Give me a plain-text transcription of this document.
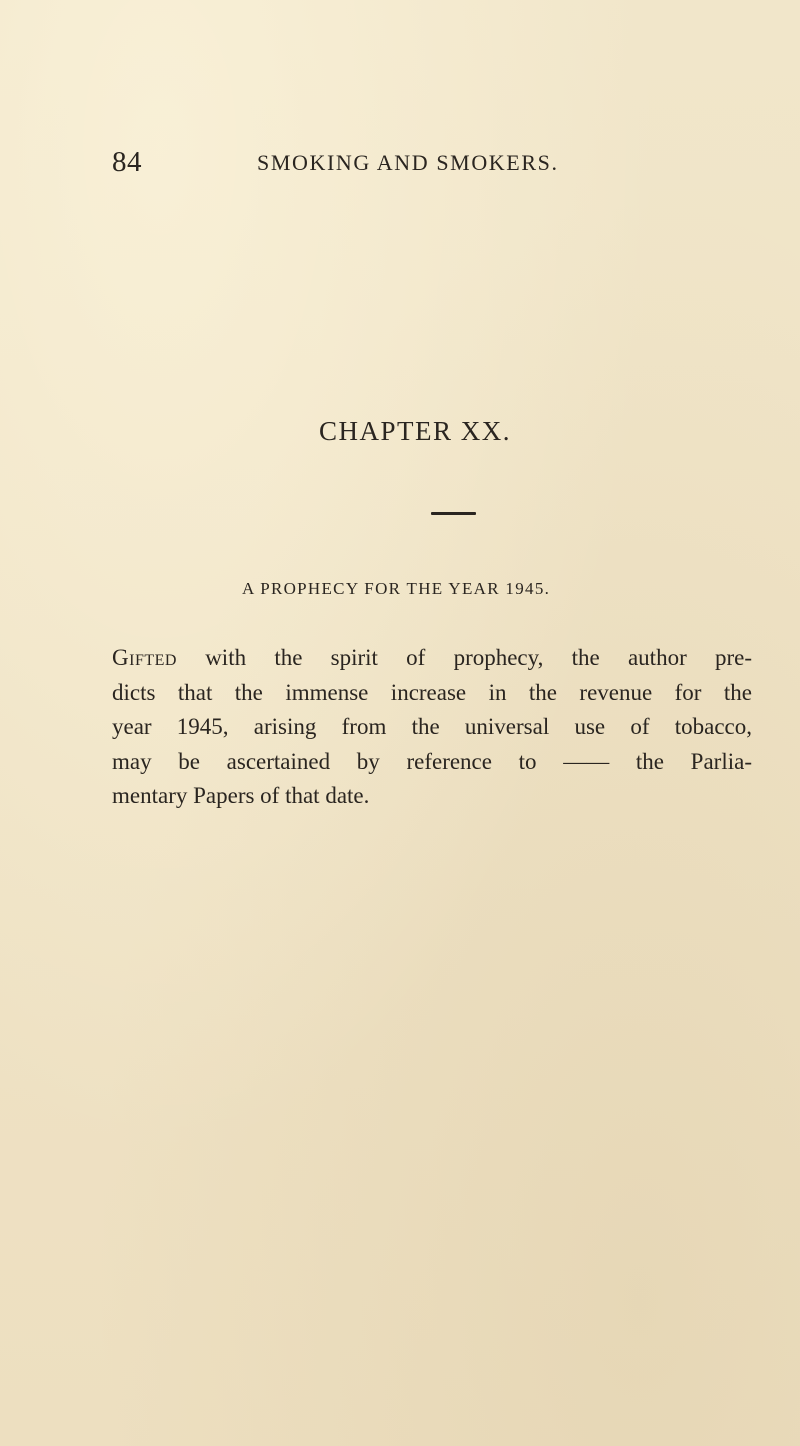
84	SMOKING AND SMOKERS.
CHAPTER XX.
A PROPHECY FOR THE YEAR 1945.

Gifted with the spirit of prophecy, the author pre-
dicts that the immense increase in the revenue for the
year 1945, arising from the universal use of tobacco,
may be ascertained by reference to —— the Parlia-
mentary Papers of that date.
